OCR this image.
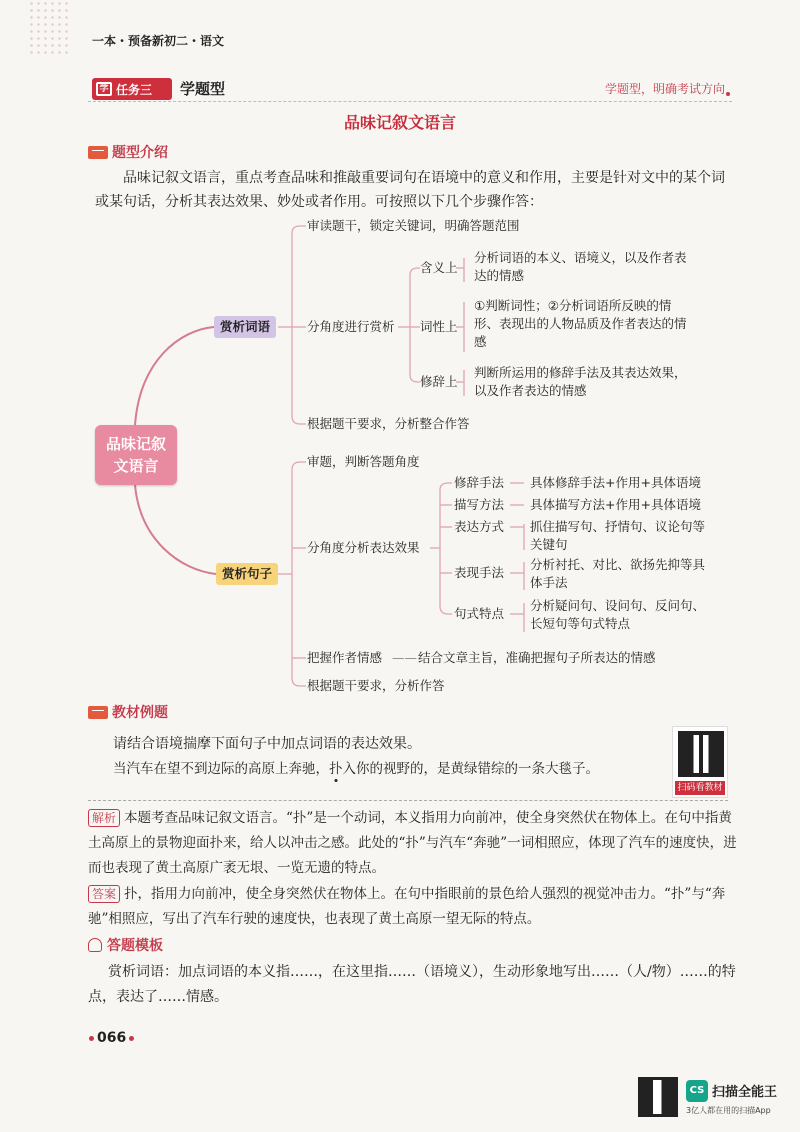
一本・预备新初二・语文
学 任务三 学题型	学题型，明确考试方向
品味记叙文语言
题型介绍
品味记叙文语言，重点考查品味和推敲重要词句在语境中的意义和作用，主要是针对文中的某个词或某句话，分析其表达效果、妙处或者作用。可按照以下几个步骤作答：
品味记叙
文语言
赏析词语
赏析句子
审读题干，锁定关键词，明确答题范围
分角度进行赏析
含义上
分析词语的本义、语境义，以及作者表达的情感
词性上
①判断词性；②分析词语所反映的情形、表现出的人物品质及作者表达的情感
修辞上
判断所运用的修辞手法及其表达效果，以及作者表达的情感
根据题干要求，分析整合作答
审题，判断答题角度
分角度分析表达效果
修辞手法 具体修辞手法+作用+具体语境
描写方法 具体描写方法+作用+具体语境
表达方式 抓住描写句、抒情句、议论句等关键句
表现手法
分析衬托、对比、欲扬先抑等具体手法
句式特点
分析疑问句、设问句、反问句、长短句等句式特点
把握作者情感 —— 结合文章主旨，准确把握句子所表达的情感
根据题干要求，分析作答
教材例题
请结合语境揣摩下面句子中加点词语的表达效果。
当汽车在望不到边际的高原上奔驰，扑入你的视野的，是黄绿错综的一条大毯子。
扫码看教材
解析 本题考查品味记叙文语言。“扑”是一个动词，本义指用力向前冲，使全身突然伏在物体上。在句中指黄土高原上的景物迎面扑来，给人以冲击之感。此处的“扑”与汽车“奔驰”一词相照应，体现了汽车的速度快，进而也表现了黄土高原广袤无垠、一览无遗的特点。
答案 扑，指用力向前冲，使全身突然伏在物体上。在句中指眼前的景色给人强烈的视觉冲击力。“扑”与“奔驰”相照应，写出了汽车行驶的速度快，也表现了黄土高原一望无际的特点。
答题模板
赏析词语：加点词语的本义指……，在这里指……（语境义），生动形象地写出……（人/物）……的特点，表达了……情感。
066
CS 扫描全能王
3亿人都在用的扫描App
